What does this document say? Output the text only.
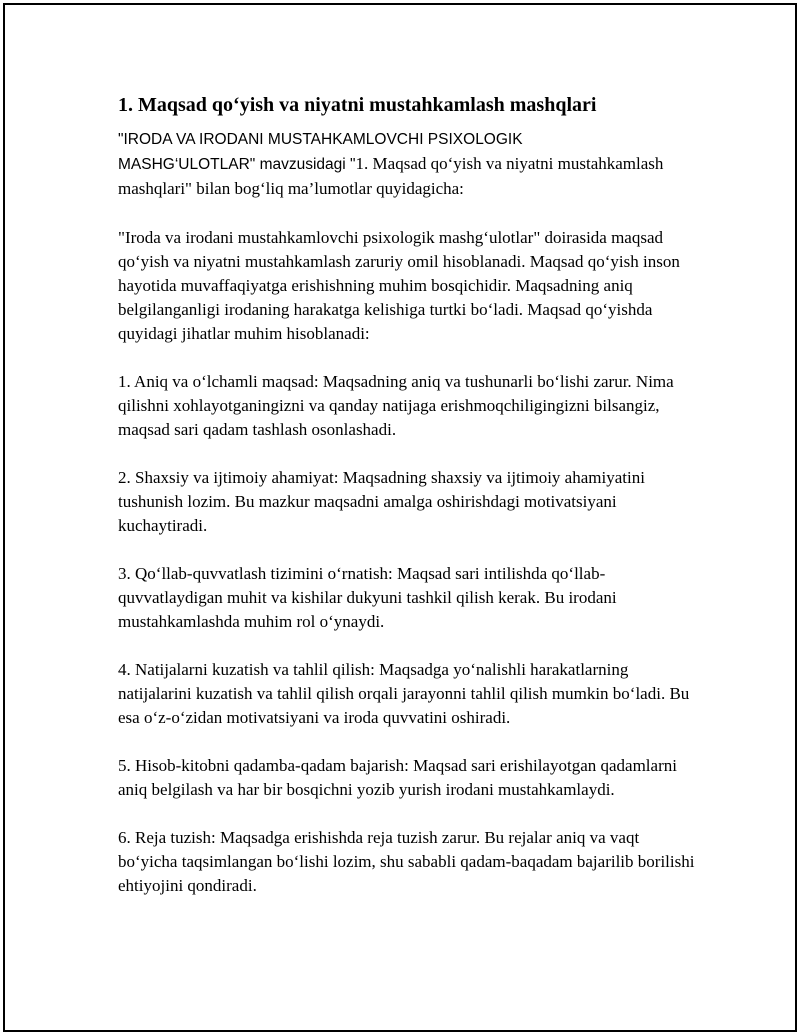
1. Maqsad qo‘yish va niyatni mustahkamlash mashqlari

"IRODA VA IRODANI MUSTAHKAMLOVCHI PSIXOLOGIK
MASHG‘ULOTLAR" mavzusidagi "1. Maqsad qo‘yish va niyatni mustahkamlash mashqlari" bilan bog‘liq ma’lumotlar quyidagicha:

"Iroda va irodani mustahkamlovchi psixologik mashg‘ulotlar" doirasida maqsad qo‘yish va niyatni mustahkamlash zaruriy omil hisoblanadi. Maqsad qo‘yish inson hayotida muvaffaqiyatga erishishning muhim bosqichidir. Maqsadning aniq belgilanganligi irodaning harakatga kelishiga turtki bo‘ladi. Maqsad qo‘yishda quyidagi jihatlar muhim hisoblanadi:

1. Aniq va o‘lchamli maqsad: Maqsadning aniq va tushunarli bo‘lishi zarur. Nima qilishni xohlayotganingizni va qanday natijaga erishmoqchiligingizni bilsangiz, maqsad sari qadam tashlash osonlashadi.

2. Shaxsiy va ijtimoiy ahamiyat: Maqsadning shaxsiy va ijtimoiy ahamiyatini tushunish lozim. Bu mazkur maqsadni amalga oshirishdagi motivatsiyani kuchaytiradi.

3. Qo‘llab-quvvatlash tizimini o‘rnatish: Maqsad sari intilishda qo‘llab-quvvatlaydigan muhit va kishilar dukyuni tashkil qilish kerak. Bu irodani mustahkamlashda muhim rol o‘ynaydi.

4. Natijalarni kuzatish va tahlil qilish: Maqsadga yo‘nalishli harakatlarning natijalarini kuzatish va tahlil qilish orqali jarayonni tahlil qilish mumkin bo‘ladi. Bu esa o‘z-o‘zidan motivatsiyani va iroda quvvatini oshiradi.

5. Hisob-kitobni qadamba-qadam bajarish: Maqsad sari erishilayotgan qadamlarni aniq belgilash va har bir bosqichni yozib yurish irodani mustahkamlaydi.

6. Reja tuzish: Maqsadga erishishda reja tuzish zarur. Bu rejalar aniq va vaqt bo‘yicha taqsimlangan bo‘lishi lozim, shu sababli qadam-baqadam bajarilib borilishi ehtiyojini qondiradi.
